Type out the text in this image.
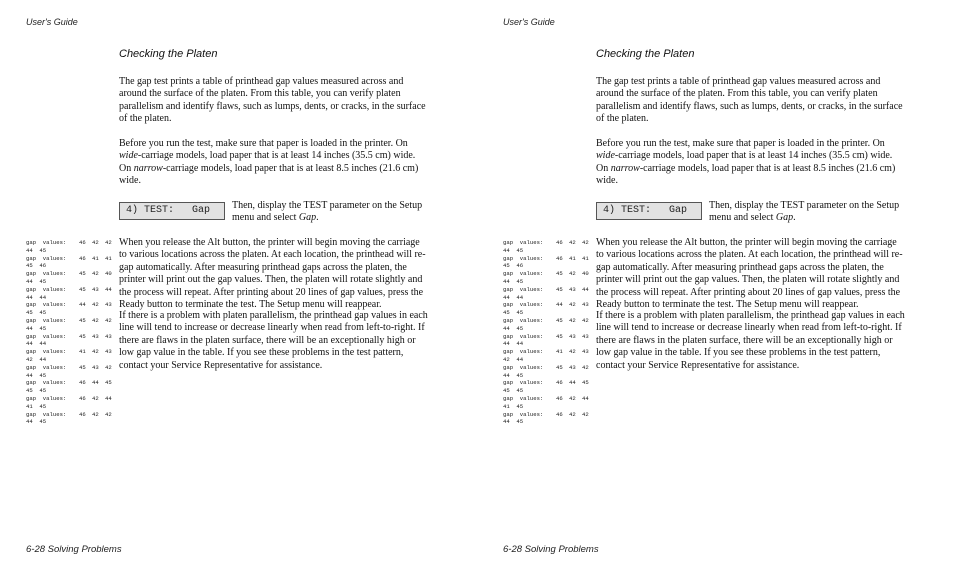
User's Guide
Checking the Platen

The gap test prints a table of printhead gap values measured across and around the surface of the platen. From this table, you can verify platen parallelism and identify flaws, such as lumps, dents, or cracks, in the surface of the platen.

Before you run the test, make sure that paper is loaded in the printer. On wide-carriage models, load paper that is at least 14 inches (35.5 cm) wide. On narrow-carriage models, load paper that is at least 8.5 inches (21.6 cm) wide.

4) TEST:   Gap	Then, display the TEST parameter on the Setup menu and select Gap.

gap  values: 46 42 42
44  45
gap  values: 46 41 41
45  46
gap  values: 45 42 40
44  45
gap  values: 45 43 44
44  44
gap  values: 44 42 43
45  45
gap  values: 45 42 42
44  45
gap  values: 45 43 43
44  44
gap  values: 41 42 43
42  44
gap  values: 45 43 42
44  45
gap  values: 46 44 45
45  45
gap  values: 46 42 44
41  45
gap  values: 46 42 42
44  45

When you release the Alt button, the printer will begin moving the carriage to various locations across the platen. At each location, the printhead will re-gap automatically. After measuring printhead gaps across the platen, the printer will print out the gap values. Then, the platen will rotate slightly and the process will repeat. After printing about 20 lines of gap values, press the Ready button to terminate the test. The Setup menu will reappear.

If there is a problem with platen parallelism, the printhead gap values in each line will tend to increase or decrease linearly when read from left-to-right. If there are flaws in the platen surface, there will be an exceptionally high or low gap value in the table. If you see these problems in the test pattern, contact your Service Representative for assistance.

6-28 Solving Problems
User's Guide
Checking the Platen

The gap test prints a table of printhead gap values measured across and around the surface of the platen. From this table, you can verify platen parallelism and identify flaws, such as lumps, dents, or cracks, in the surface of the platen.

Before you run the test, make sure that paper is loaded in the printer. On wide-carriage models, load paper that is at least 14 inches (35.5 cm) wide. On narrow-carriage models, load paper that is at least 8.5 inches (21.6 cm) wide.

4) TEST:   Gap	Then, display the TEST parameter on the Setup menu and select Gap.

gap  values: 46 42 42
44  45
gap  values: 46 41 41
45  46
gap  values: 45 42 40
44  45
gap  values: 45 43 44
44  44
gap  values: 44 42 43
45  45
gap  values: 45 42 42
44  45
gap  values: 45 43 43
44  44
gap  values: 41 42 43
42  44
gap  values: 45 43 42
44  45
gap  values: 46 44 45
45  45
gap  values: 46 42 44
41  45
gap  values: 46 42 42
44  45

When you release the Alt button, the printer will begin moving the carriage to various locations across the platen. At each location, the printhead will re-gap automatically. After measuring printhead gaps across the platen, the printer will print out the gap values. Then, the platen will rotate slightly and the process will repeat. After printing about 20 lines of gap values, press the Ready button to terminate the test. The Setup menu will reappear.

If there is a problem with platen parallelism, the printhead gap values in each line will tend to increase or decrease linearly when read from left-to-right. If there are flaws in the platen surface, there will be an exceptionally high or low gap value in the table. If you see these problems in the test pattern, contact your Service Representative for assistance.

6-28 Solving Problems
